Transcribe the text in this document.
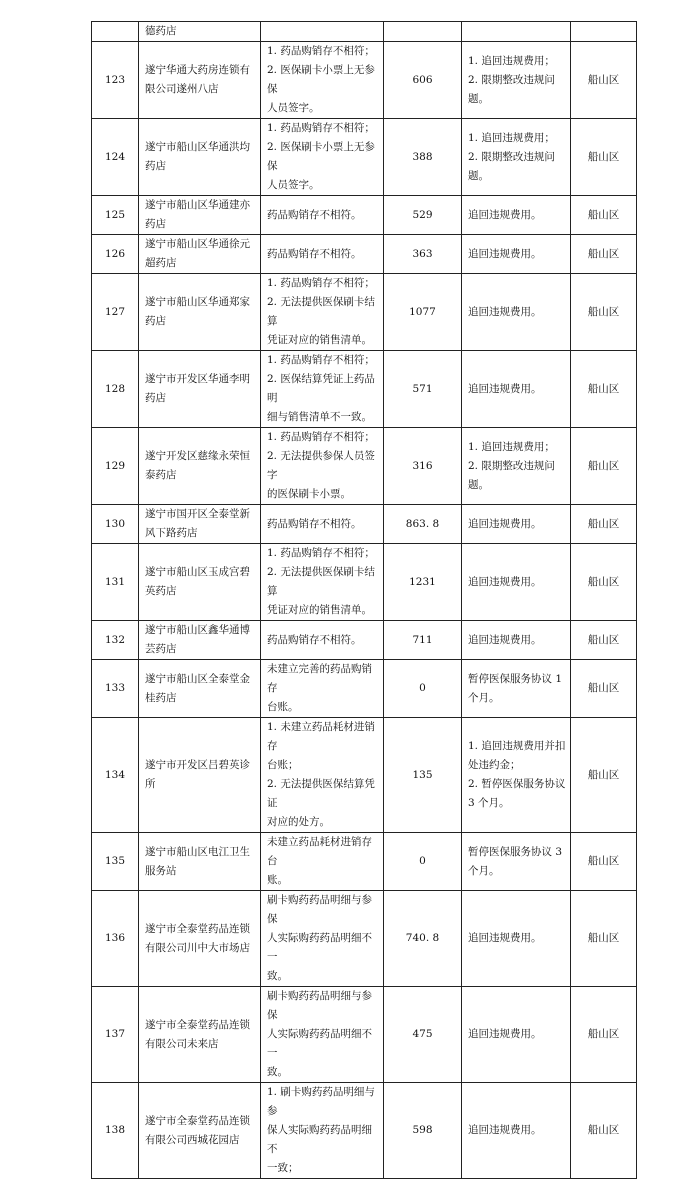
	德药店				
123	遂宁华通大药房连锁有
限公司遂州八店	1. 药品购销存不相符；
2. 医保刷卡小票上无参保
人员签字。	606	1. 追回违规费用；
2. 限期整改违规问
题。	船山区
124	遂宁市船山区华通洪均
药店	1. 药品购销存不相符；
2. 医保刷卡小票上无参保
人员签字。	388	1. 追回违规费用；
2. 限期整改违规问
题。	船山区
125	遂宁市船山区华通建亦
药店	药品购销存不相符。	529	追回违规费用。	船山区
126	遂宁市船山区华通徐元
超药店	药品购销存不相符。	363	追回违规费用。	船山区
127	遂宁市船山区华通郑家
药店	1. 药品购销存不相符；
2. 无法提供医保刷卡结算
凭证对应的销售清单。	1077	追回违规费用。	船山区
128	遂宁市开发区华通李明
药店	1. 药品购销存不相符；
2. 医保结算凭证上药品明
细与销售清单不一致。	571	追回违规费用。	船山区
129	遂宁开发区慈缘永荣恒
泰药店	1. 药品购销存不相符；
2. 无法提供参保人员签字
的医保刷卡小票。	316	1. 追回违规费用；
2. 限期整改违规问
题。	船山区
130	遂宁市国开区全泰堂新
风下路药店	药品购销存不相符。	863. 8	追回违规费用。	船山区
131	遂宁市船山区玉成宫碧
英药店	1. 药品购销存不相符；
2. 无法提供医保刷卡结算
凭证对应的销售清单。	1231	追回违规费用。	船山区
132	遂宁市船山区鑫华通博
芸药店	药品购销存不相符。	711	追回违规费用。	船山区
133	遂宁市船山区全泰堂金
桂药店	未建立完善的药品购销存
台账。	0	暂停医保服务协议 1
个月。	船山区
134	遂宁市开发区吕碧英诊
所	1. 未建立药品耗材进销存
台账；
2. 无法提供医保结算凭证
对应的处方。	135	1. 追回违规费用并扣
处违约金；
2. 暂停医保服务协议
3 个月。	船山区
135	遂宁市船山区电江卫生
服务站	未建立药品耗材进销存台
账。	0	暂停医保服务协议 3
个月。	船山区
136	遂宁市全泰堂药品连锁
有限公司川中大市场店	刷卡购药药品明细与参保
人实际购药药品明细不一
致。	740. 8	追回违规费用。	船山区
137	遂宁市全泰堂药品连锁
有限公司未来店	刷卡购药药品明细与参保
人实际购药药品明细不一
致。	475	追回违规费用。	船山区
138	遂宁市全泰堂药品连锁
有限公司西城花园店	1. 刷卡购药药品明细与参
保人实际购药药品明细不
一致；	598	追回违规费用。	船山区
